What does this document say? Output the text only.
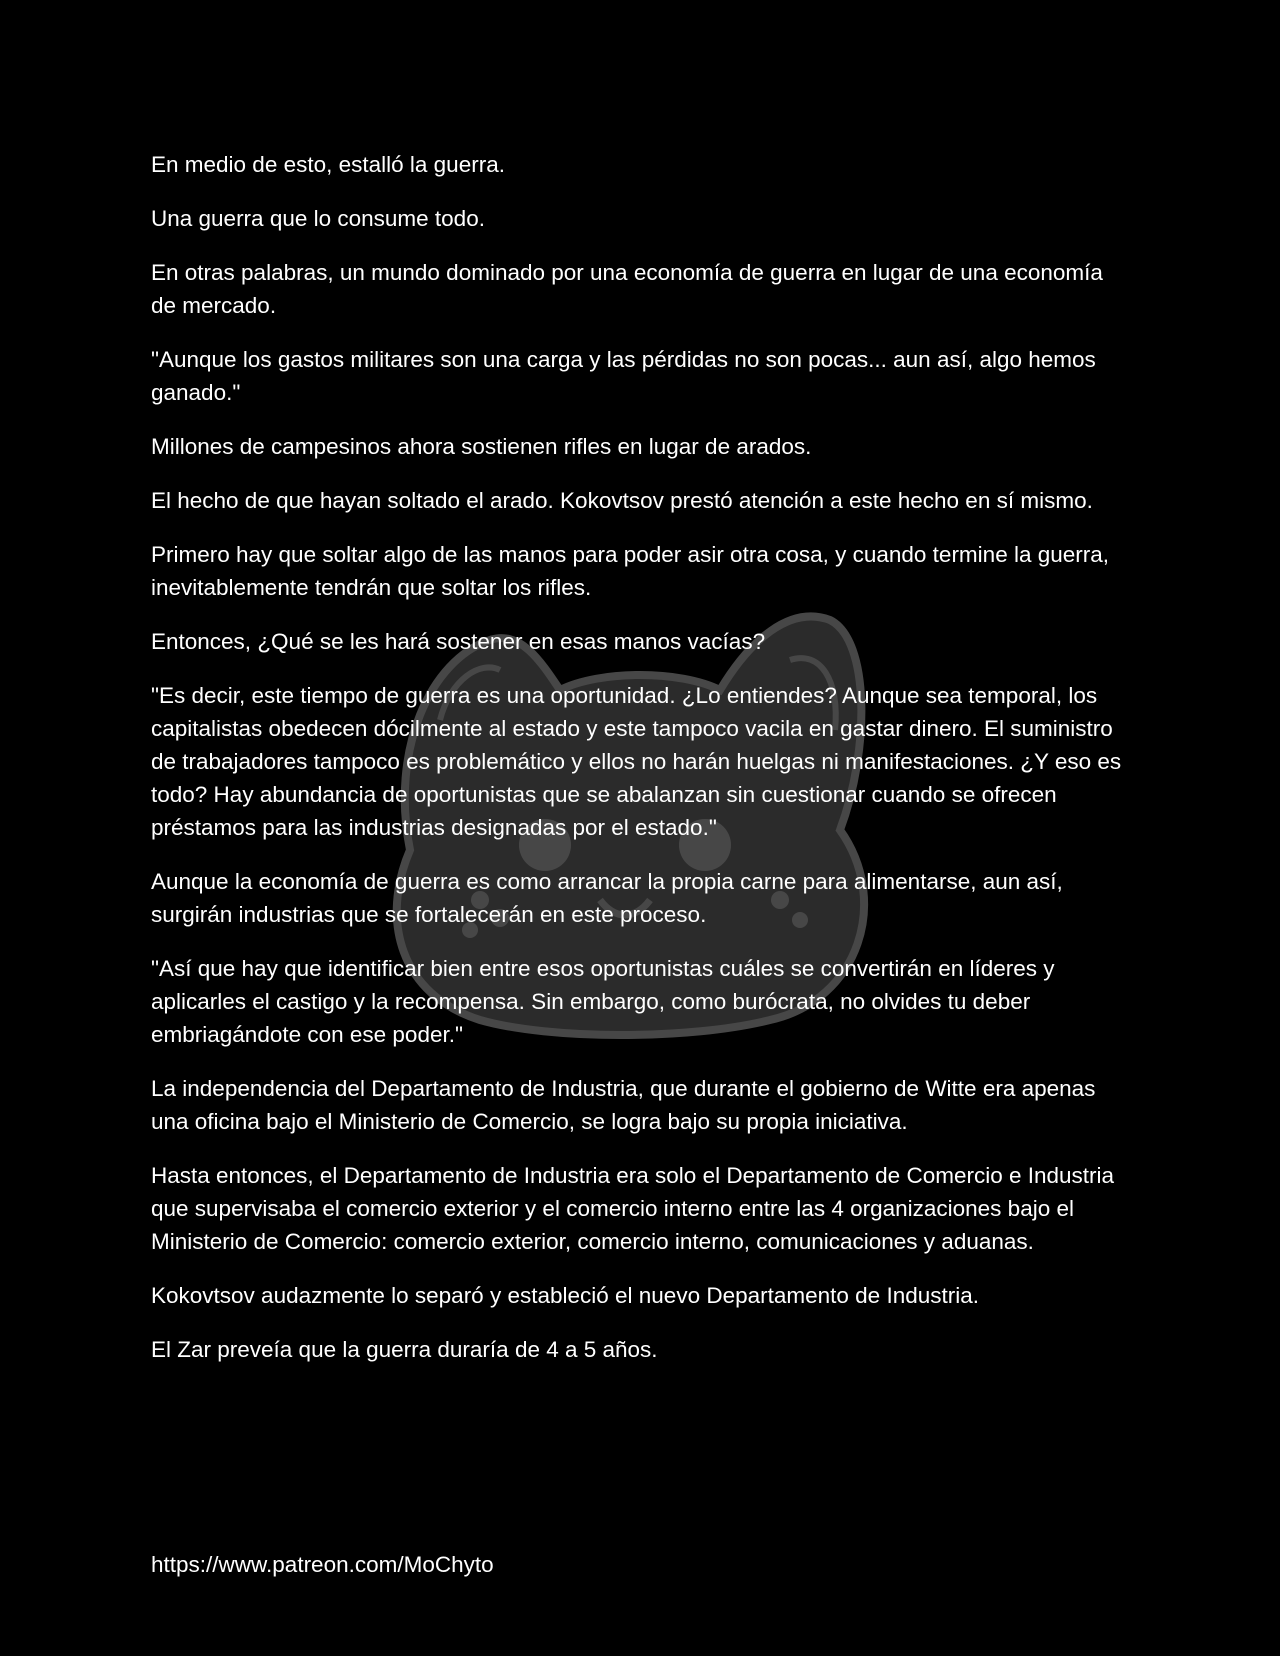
En medio de esto, estalló la guerra.

Una guerra que lo consume todo.

En otras palabras, un mundo dominado por una economía de guerra en lugar de una economía de mercado.

"Aunque los gastos militares son una carga y las pérdidas no son pocas... aun así, algo hemos ganado."

Millones de campesinos ahora sostienen rifles en lugar de arados.

El hecho de que hayan soltado el arado. Kokovtsov prestó atención a este hecho en sí mismo.

Primero hay que soltar algo de las manos para poder asir otra cosa, y cuando termine la guerra, inevitablemente tendrán que soltar los rifles.

Entonces, ¿Qué se les hará sostener en esas manos vacías?

"Es decir, este tiempo de guerra es una oportunidad. ¿Lo entiendes? Aunque sea temporal, los capitalistas obedecen dócilmente al estado y este tampoco vacila en gastar dinero. El suministro de trabajadores tampoco es problemático y ellos no harán huelgas ni manifestaciones. ¿Y eso es todo? Hay abundancia de oportunistas que se abalanzan sin cuestionar cuando se ofrecen préstamos para las industrias designadas por el estado."

Aunque la economía de guerra es como arrancar la propia carne para alimentarse, aun así, surgirán industrias que se fortalecerán en este proceso.

"Así que hay que identificar bien entre esos oportunistas cuáles se convertirán en líderes y aplicarles el castigo y la recompensa. Sin embargo, como burócrata, no olvides tu deber embriagándote con ese poder."

La independencia del Departamento de Industria, que durante el gobierno de Witte era apenas una oficina bajo el Ministerio de Comercio, se logra bajo su propia iniciativa.

Hasta entonces, el Departamento de Industria era solo el Departamento de Comercio e Industria que supervisaba el comercio exterior y el comercio interno entre las 4 organizaciones bajo el Ministerio de Comercio: comercio exterior, comercio interno, comunicaciones y aduanas.

Kokovtsov audazmente lo separó y estableció el nuevo Departamento de Industria.

El Zar preveía que la guerra duraría de 4 a 5 años.

https://www.patreon.com/MoChyto
